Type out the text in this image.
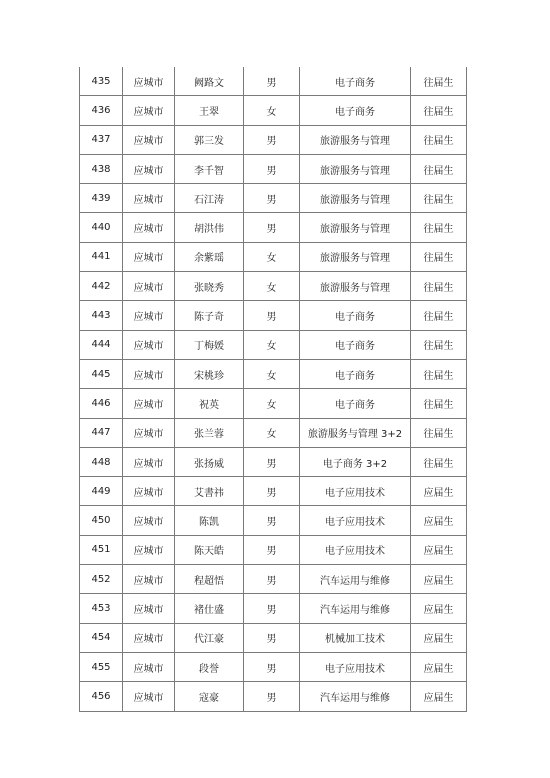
435	应城市	阙路文	男	电子商务	往届生
436	应城市	王翠	女	电子商务	往届生
437	应城市	郭三发	男	旅游服务与管理	往届生
438	应城市	李千智	男	旅游服务与管理	往届生
439	应城市	石江涛	男	旅游服务与管理	往届生
440	应城市	胡洪伟	男	旅游服务与管理	往届生
441	应城市	余紫瑶	女	旅游服务与管理	往届生
442	应城市	张晓秀	女	旅游服务与管理	往届生
443	应城市	陈子奇	男	电子商务	往届生
444	应城市	丁梅媛	女	电子商务	往届生
445	应城市	宋桃珍	女	电子商务	往届生
446	应城市	祝英	女	电子商务	往届生
447	应城市	张兰蓉	女	旅游服务与管理 3+2	往届生
448	应城市	张扬威	男	电子商务 3+2	往届生
449	应城市	艾書祎	男	电子应用技术	应届生
450	应城市	陈凯	男	电子应用技术	应届生
451	应城市	陈天皓	男	电子应用技术	应届生
452	应城市	程超悟	男	汽车运用与维修	应届生
453	应城市	褚仕盛	男	汽车运用与维修	应届生
454	应城市	代江豪	男	机械加工技术	应届生
455	应城市	段誉	男	电子应用技术	应届生
456	应城市	寇豪	男	汽车运用与维修	应届生
